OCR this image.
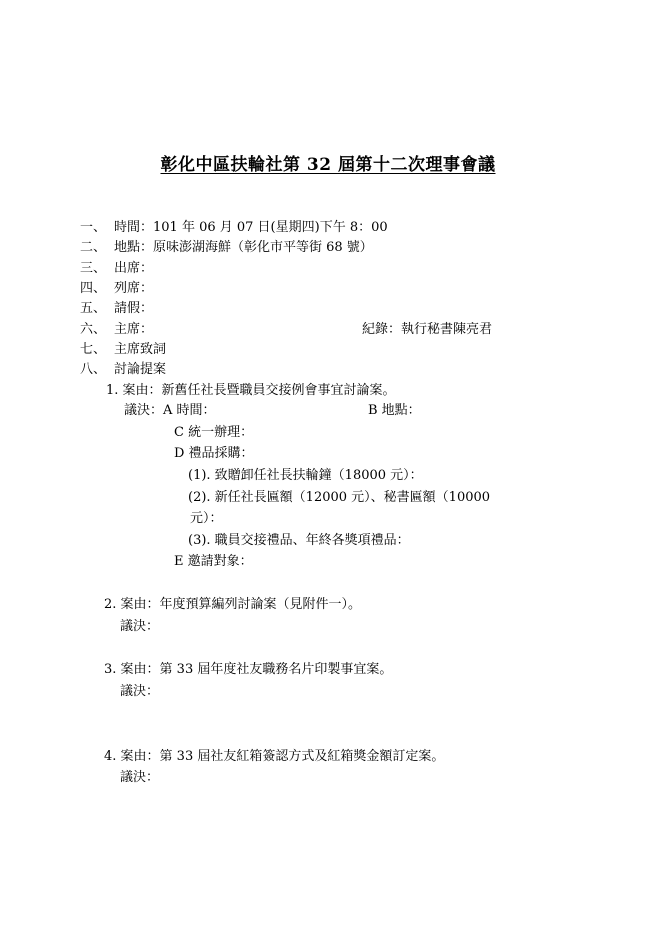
彰化中區扶輪社第 32 屆第十二次理事會議
一、 時間：101 年 06 月 07 日(星期四)下午 8：00
二、 地點：原味澎湖海鮮（彰化市平等街 68 號）
三、 出席：
四、 列席：
五、 請假：
六、 主席：	紀錄：執行秘書陳亮君
七、 主席致詞
八、 討論提案
1. 案由：新舊任社長暨職員交接例會事宜討論案。
議決：A 時間：	B 地點：
C 統一辦理：
D 禮品採購：
(1). 致贈卸任社長扶輪鐘（18000 元）：
(2). 新任社長匾額（12000 元）、秘書匾額（10000
元）：
(3). 職員交接禮品、年終各獎項禮品：
E 邀請對象：
2. 案由：年度預算編列討論案（見附件一）。
議決：
3. 案由：第 33 屆年度社友職務名片印製事宜案。
議決：
4. 案由：第 33 屆社友紅箱簽認方式及紅箱獎金額訂定案。
議決：
